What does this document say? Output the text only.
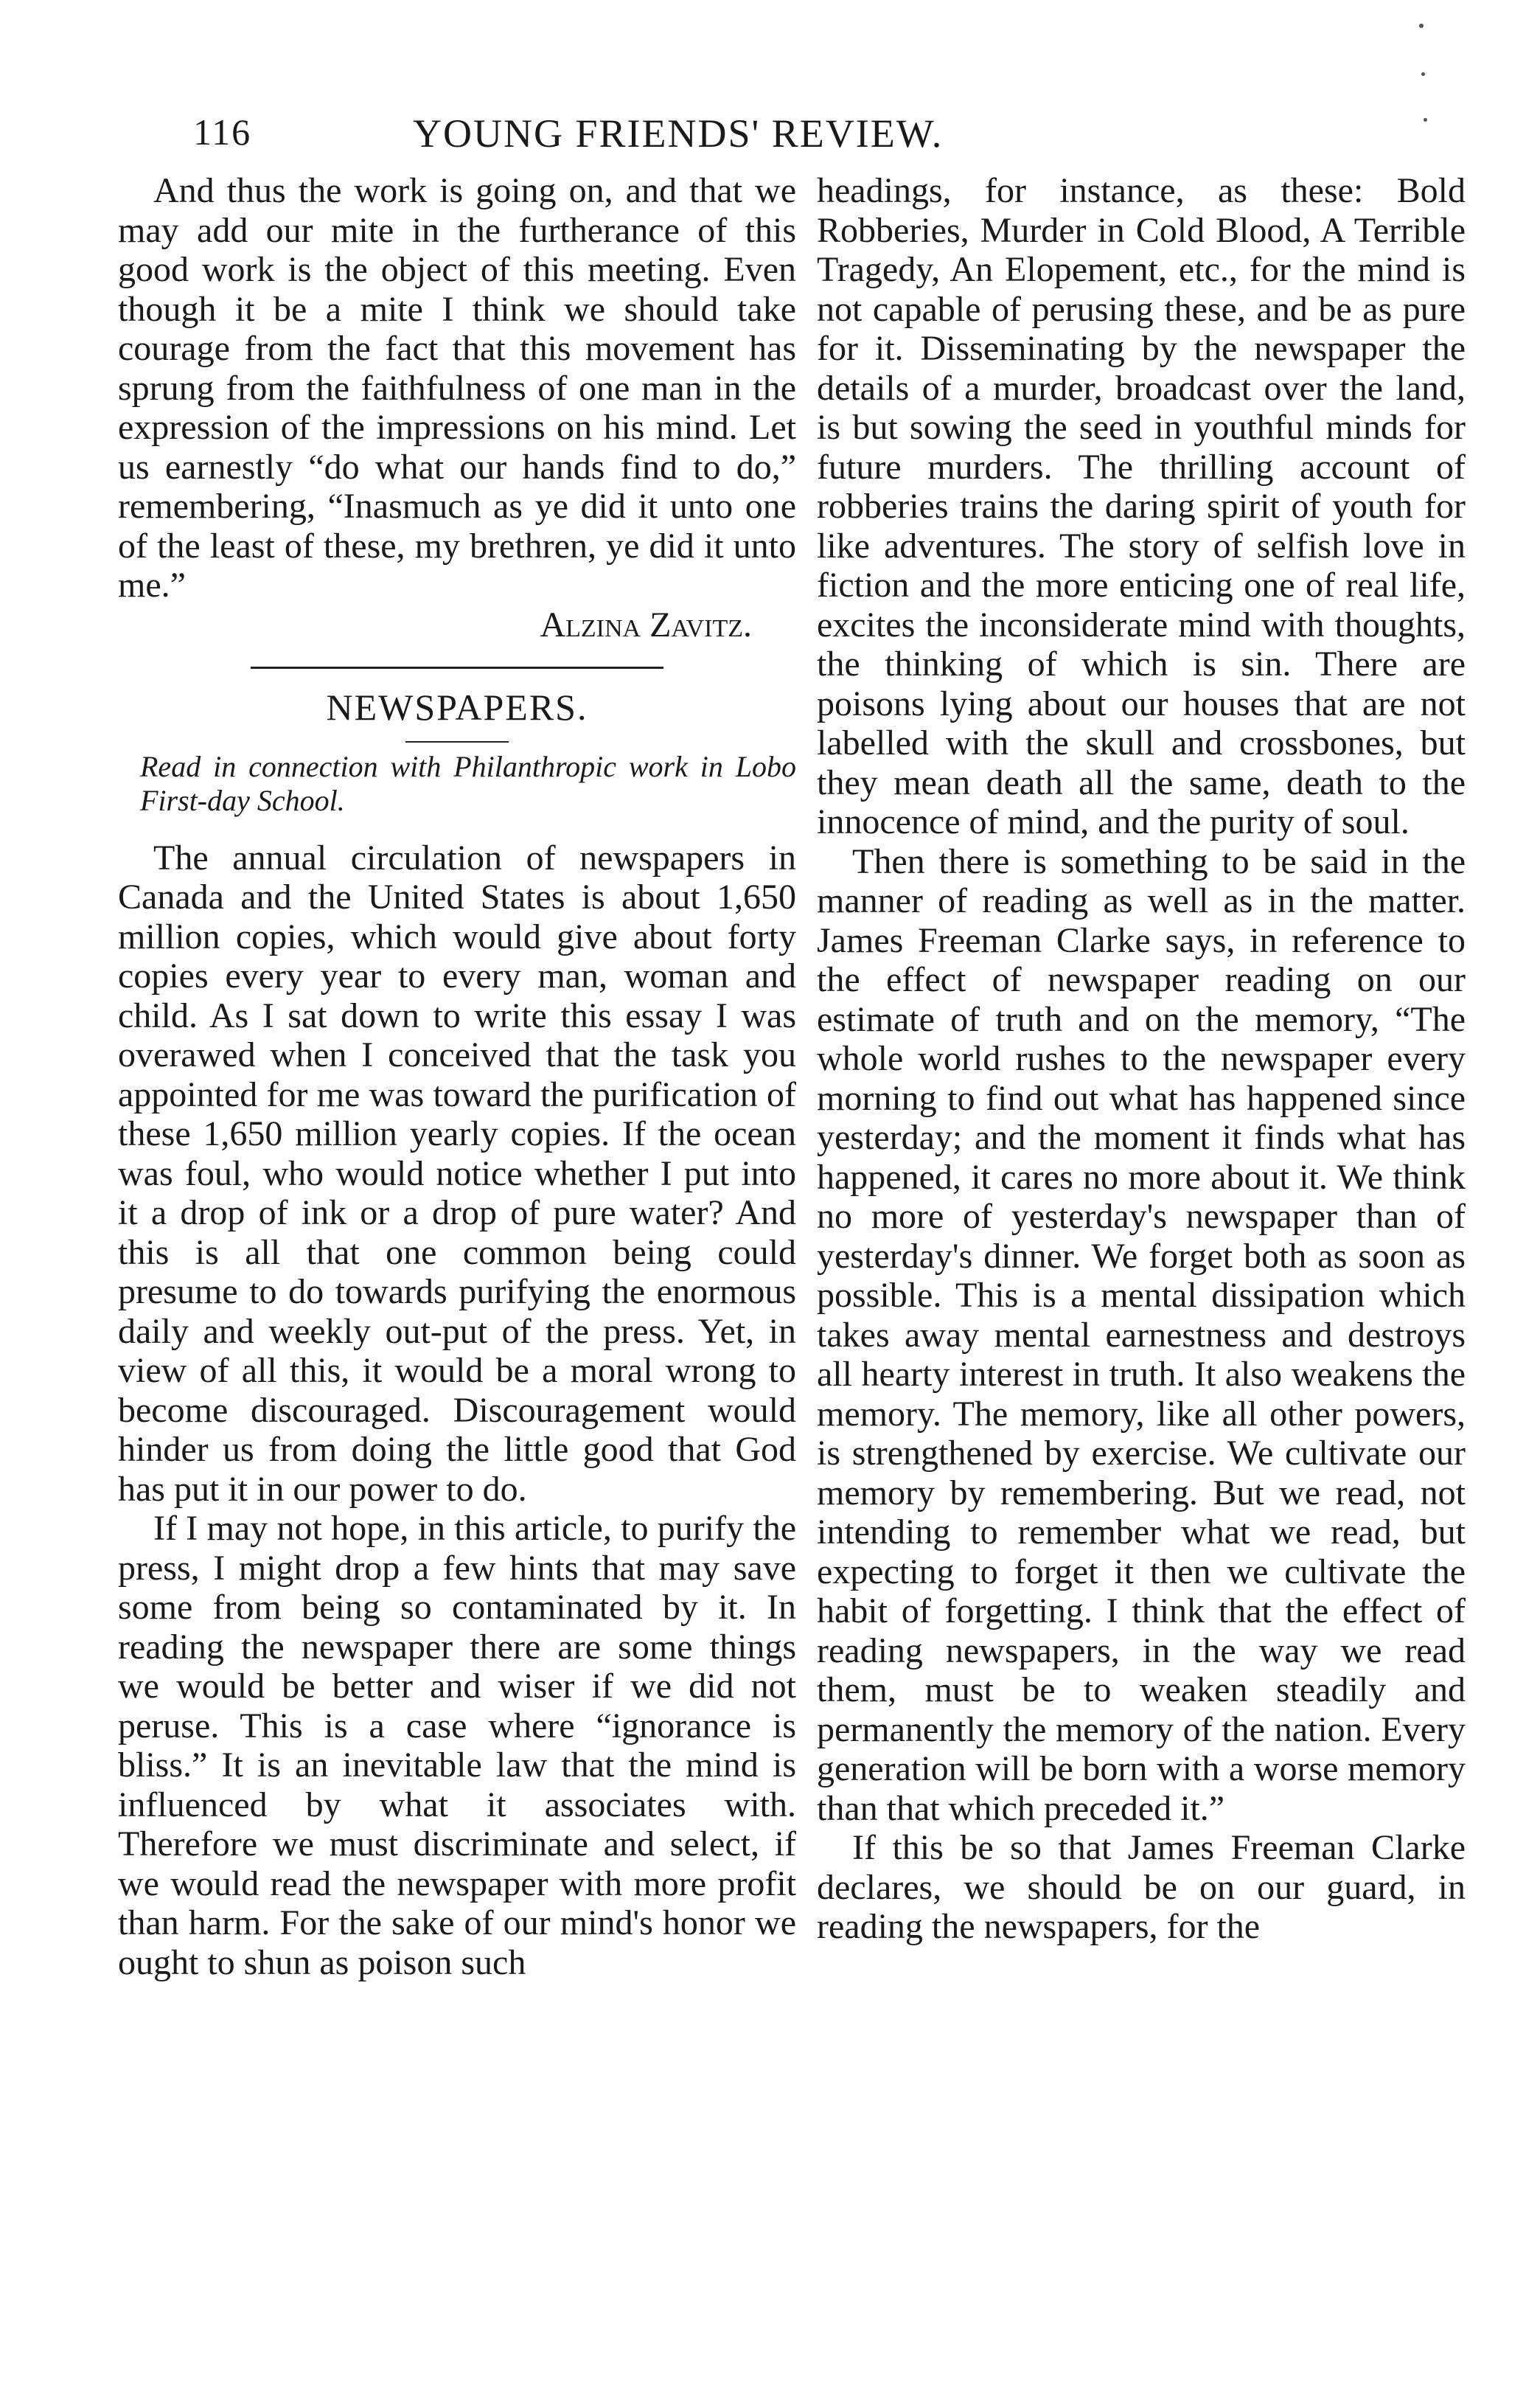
116	YOUNG FRIENDS' REVIEW.

And thus the work is going on, and that we may add our mite in the furtherance of this good work is the object of this meeting. Even though it be a mite I think we should take courage from the fact that this movement has sprung from the faithfulness of one man in the expression of the impressions on his mind. Let us earnestly “do what our hands find to do,” remembering, “Inasmuch as ye did it unto one of the least of these, my brethren, ye did it unto me.”

Alzina Zavitz.

NEWSPAPERS.

Read in connection with Philanthropic work in Lobo First-day School.

The annual circulation of newspapers in Canada and the United States is about 1,650 million copies, which would give about forty copies every year to every man, woman and child. As I sat down to write this essay I was overawed when I conceived that the task you appointed for me was toward the purification of these 1,650 million yearly copies. If the ocean was foul, who would notice whether I put into it a drop of ink or a drop of pure water? And this is all that one common being could presume to do towards purifying the enormous daily and weekly out-put of the press. Yet, in view of all this, it would be a moral wrong to become discouraged. Discouragement would hinder us from doing the little good that God has put it in our power to do.

If I may not hope, in this article, to purify the press, I might drop a few hints that may save some from being so contaminated by it. In reading the newspaper there are some things we would be better and wiser if we did not peruse. This is a case where “ignorance is bliss.” It is an inevitable law that the mind is influenced by what it associates with. Therefore we must discriminate and select, if we would read the newspaper with more profit than harm. For the sake of our mind's honor we ought to shun as poison such

headings, for instance, as these: Bold Robberies, Murder in Cold Blood, A Terrible Tragedy, An Elopement, etc., for the mind is not capable of perusing these, and be as pure for it. Disseminating by the newspaper the details of a murder, broadcast over the land, is but sowing the seed in youthful minds for future murders. The thrilling account of robberies trains the daring spirit of youth for like adventures. The story of selfish love in fiction and the more enticing one of real life, excites the inconsiderate mind with thoughts, the thinking of which is sin. There are poisons lying about our houses that are not labelled with the skull and crossbones, but they mean death all the same, death to the innocence of mind, and the purity of soul.

Then there is something to be said in the manner of reading as well as in the matter. James Freeman Clarke says, in reference to the effect of newspaper reading on our estimate of truth and on the memory, “The whole world rushes to the newspaper every morning to find out what has happened since yesterday; and the moment it finds what has happened, it cares no more about it. We think no more of yesterday's newspaper than of yesterday's dinner. We forget both as soon as possible. This is a mental dissipation which takes away mental earnestness and destroys all hearty interest in truth. It also weakens the memory. The memory, like all other powers, is strengthened by exercise. We cultivate our memory by remembering. But we read, not intending to remember what we read, but expecting to forget it then we cultivate the habit of forgetting. I think that the effect of reading newspapers, in the way we read them, must be to weaken steadily and permanently the memory of the nation. Every generation will be born with a worse memory than that which preceded it.”

If this be so that James Freeman Clarke declares, we should be on our guard, in reading the newspapers, for the
